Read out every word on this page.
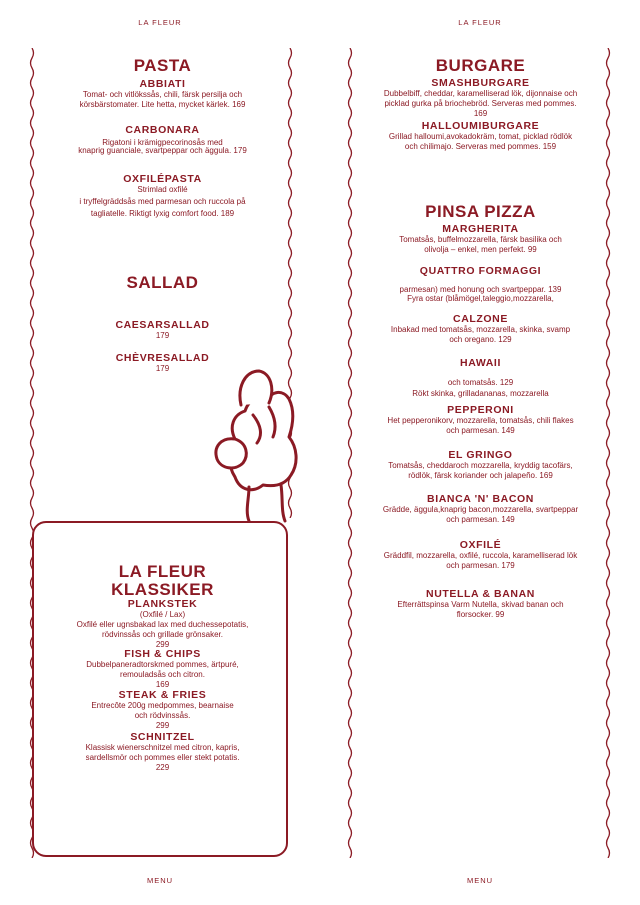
LA FLEUR	LA FLEUR
PASTA
ABBIATI
Tomat- och vitlökssås, chili, färsk persilja och
körsbärstomater. Lite hetta, mycket kärlek. 169
CARBONARA
Rigatoni i krämigpecorinosås med
knaprig guanciale, svartpeppar och äggula. 179
OXFILÉPASTA
Strimlad oxfilé
i tryffelgräddsås med parmesan och ruccola på
tagliatelle. Riktigt lyxig comfort food. 189
SALLAD
CAESARSALLAD
179
CHÈVRESALLAD
179
LA FLEUR
KLASSIKER
PLANKSTEK
(Oxfilé / Lax)
Oxfilé eller ugnsbakad lax med duchessepotatis,
rödvinssås och grillade grönsaker.
299
FISH & CHIPS
Dubbelpaneradtorskmed pommes, ärtpuré,
remouladsås och citron.
169
STEAK & FRIES
Entrecôte 200g medpommes, bearnaise
och rödvinssås.
299
SCHNITZEL
Klassisk wienerschnitzel med citron, kapris,
sardellsmör och pommes eller stekt potatis.
229
BURGARE
SMASHBURGARE
Dubbelbiff, cheddar, karamelliserad lök, dijonnaise och
picklad gurka på briochebröd. Serveras med pommes.
169
HALLOUMIBURGARE
Grillad halloumi,avokadokräm, tomat, picklad rödlök
och chilimajo. Serveras med pommes. 159
PINSA PIZZA
MARGHERITA
Tomatsås, buffelmozzarella, färsk basilika och
olivolja – enkel, men perfekt. 99
QUATTRO FORMAGGI
parmesan) med honung och svartpeppar. 139
Fyra ostar (blåmögel,taleggio,mozzarella,
CALZONE
Inbakad med tomatsås, mozzarella, skinka, svamp
och oregano. 129
HAWAII
och tomatsås. 129
Rökt skinka, grilladananas, mozzarella
PEPPERONI
Het pepperonikorv, mozzarella, tomatsås, chili flakes
och parmesan. 149
EL GRINGO
Tomatsås, cheddaroch mozzarella, kryddig tacofärs,
rödlök, färsk koriander och jalapeño. 169
BIANCA 'N' BACON
Grädde, äggula,knaprig bacon,mozzarella, svartpeppar
och parmesan. 149
OXFILÉ
Gräddfil, mozzarella, oxfilé, ruccola, karamelliserad lök
och parmesan. 179
NUTELLA & BANAN
Efterrättspinsa Varm Nutella, skivad banan och
florsocker. 99
MENU	MENU
